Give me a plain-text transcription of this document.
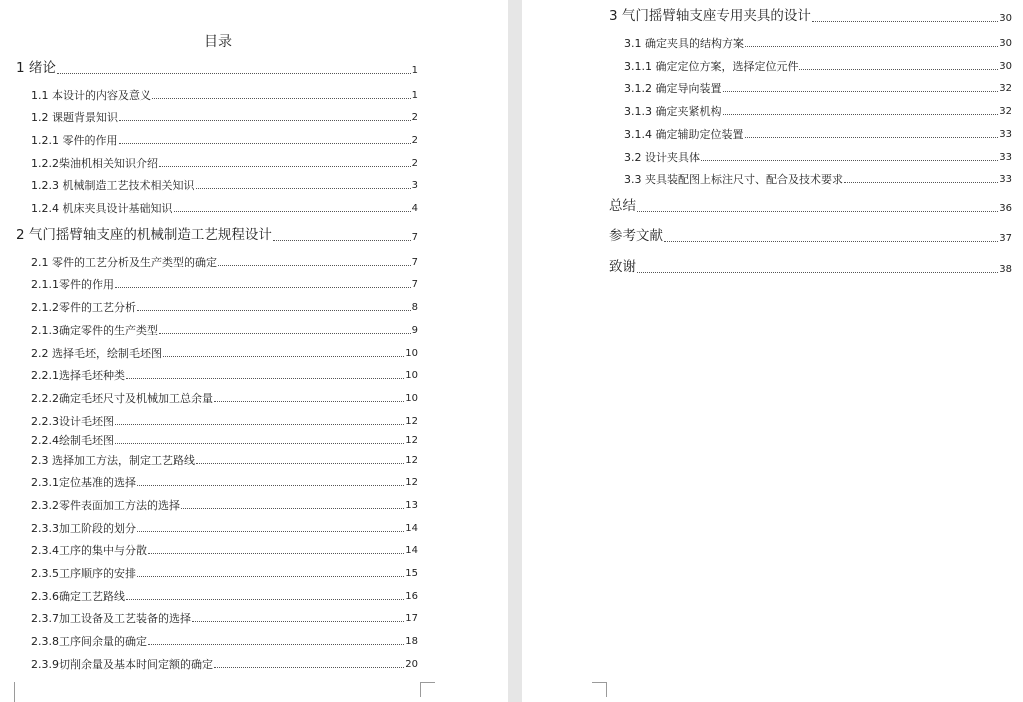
目录
1 绪论	1
1.1 本设计的内容及意义	1
1.2 课题背景知识	2
1.2.1 零件的作用	2
1.2.2柴油机相关知识介绍	2
1.2.3 机械制造工艺技术相关知识	3
1.2.4 机床夹具设计基础知识	4
2 气门摇臂轴支座的机械制造工艺规程设计	7
2.1 零件的工艺分析及生产类型的确定	7
2.1.1零件的作用	7
2.1.2零件的工艺分析	8
2.1.3确定零件的生产类型	9
2.2 选择毛坯，绘制毛坯图	10
2.2.1选择毛坯种类	10
2.2.2确定毛坯尺寸及机械加工总余量	10
2.2.3设计毛坯图	12
2.2.4绘制毛坯图	12
2.3 选择加工方法，制定工艺路线	12
2.3.1定位基准的选择	12
2.3.2零件表面加工方法的选择	13
2.3.3加工阶段的划分	14
2.3.4工序的集中与分散	14
2.3.5工序顺序的安排	15
2.3.6确定工艺路线	16
2.3.7加工设备及工艺装备的选择	17
2.3.8工序间余量的确定	18
2.3.9切削余量及基本时间定额的确定	20
3 气门摇臂轴支座专用夹具的设计	30
3.1 确定夹具的结构方案	30
3.1.1 确定定位方案，选择定位元件	30
3.1.2 确定导向装置	32
3.1.3 确定夹紧机构	32
3.1.4 确定辅助定位装置	33
3.2 设计夹具体	33
3.3 夹具装配图上标注尺寸、配合及技术要求	33
总结	36
参考文献	37
致谢	38
